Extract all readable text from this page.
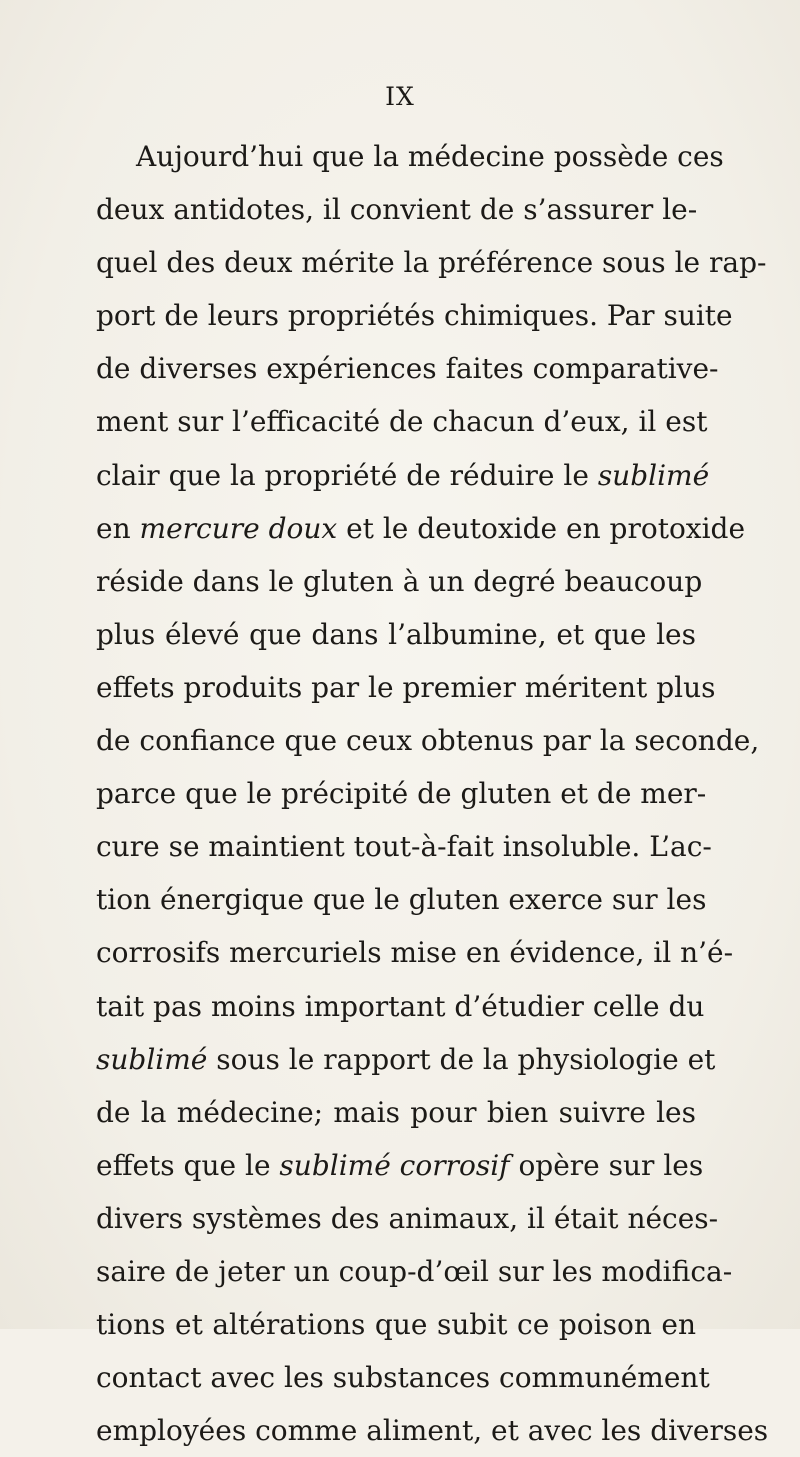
IX
Aujourd’hui que la médecine possède ces
deux antidotes, il convient de s’assurer le-
quel des deux mérite la préférence sous le rap-
port de leurs propriétés chimiques. Par suite
de diverses expériences faites comparative-
ment sur l’efficacité de chacun d’eux, il est
clair que la propriété de réduire le sublimé
en mercure doux et le deutoxide en protoxide
réside dans le gluten à un degré beaucoup
plus élevé que dans l’albumine, et que les
effets produits par le premier méritent plus
de confiance que ceux obtenus par la seconde,
parce que le précipité de gluten et de mer-
cure se maintient tout-à-fait insoluble. L’ac-
tion énergique que le gluten exerce sur les
corrosifs mercuriels mise en évidence, il n’é-
tait pas moins important d’étudier celle du
sublimé sous le rapport de la physiologie et
de la médecine; mais pour bien suivre les
effets que le sublimé corrosif opère sur les
divers systèmes des animaux, il était néces-
saire de jeter un coup-d’œil sur les modifica-
tions et altérations que subit ce poison en
contact avec les substances communément
employées comme aliment, et avec les diverses
